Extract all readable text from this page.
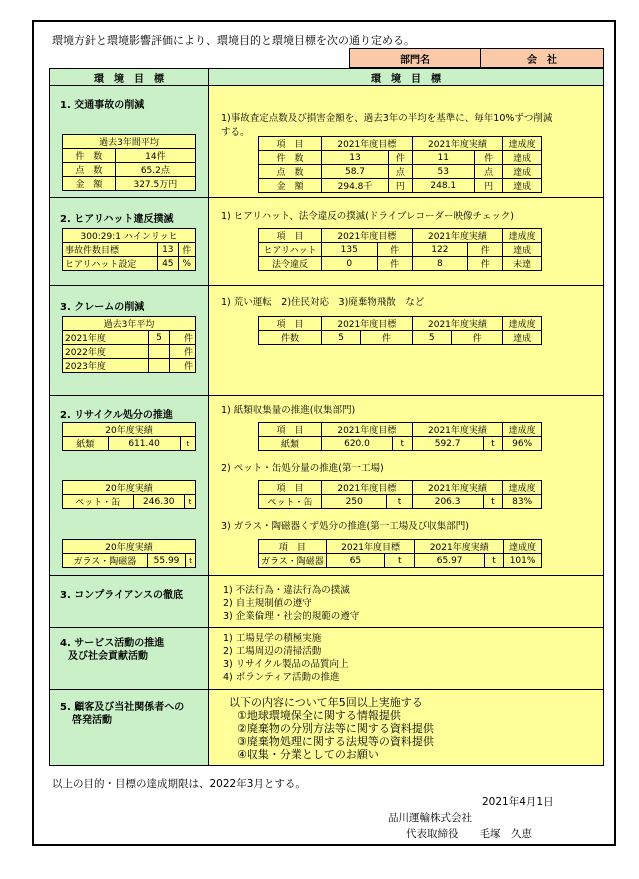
環境方針と環境影響評価により、環境目的と環境目標を次の通り定める。
部門名	会　社
環　境　目　標	環　境　目　標
1. 交通事故の削減
過去3年間平均	
件　数	14件
点　数	65.2点
金　額	327.5万円
1)事故査定点数及び損害金額を、過去3年の半均を基準に、毎年10%ずつ削減する。
項　目	2021年度目標		2021年度実績		達成度
件　数	13	件	11	件	達成
点　数	58.7	点	53	点	達成
金　額	294.8千	円	248.1	円	達成
2. ヒアリハット違反撲滅
300:29:1 ハインリッヒ		
事故件数目標	13	件
ヒアリハット設定	45	%
1) ヒアリハット、法令違反の撲滅(ドライブレコーダー映像チェック)
項　目	2021年度目標		2021年度実績		達成度
ヒアリハット	135	件	122	件	達成
法令違反	0	件	8	件	未達
3. クレームの削減
過去3年平均		
2021年度	5	件
2022年度		件
2023年度		件
1) 荒い運転　2)住民対応　3)廃棄物飛散　など
項　目	2021年度目標		2021年度実績		達成度
件数	5	件	5	件	達成
2. リサイクル処分の推進
20年度実績
紙類	611.40	t
20年度実績
ペット・缶	246.30	t
20年度実績
ガラス・陶磁器	55.99	t
1) 紙類収集量の推進(収集部門)
項　目	2021年度目標		2021年度実績		達成度
紙類	620.0	t	592.7	t	96%
2) ペット・缶処分量の推進(第一工場)
項　目	2021年度目標		2021年度実績		達成度
ペット・缶	250	t	206.3	t	83%
3) ガラス・陶磁器くず処分の推進(第一工場及び収集部門)
項　目	2021年度目標		2021年度実績		達成度
ガラス・陶磁器	65	t	65.97	t	101%
3. コンプライアンスの徹底	1) 不法行為・違法行為の撲滅
2) 自主規制値の遵守
3) 企業倫理・社会的規範の遵守
4. サービス活動の推進
及び社会貢献活動
1) 工場見学の積極実施
2) 工場周辺の清掃活動
3) リサイクル製品の品質向上
4) ボランティア活動の推進
5. 顧客及び当社関係者への
啓発活動
以下の内容について年5回以上実施する
①地球環境保全に関する情報提供
②廃棄物の分別方法等に関する資料提供
③廃棄物処理に関する法規等の資料提供
④収集・分業としてのお願い
以上の目的・目標の達成期限は、2022年3月とする。
2021年4月1日
品川運輸株式会社
代表取締役　　毛塚　久恵
